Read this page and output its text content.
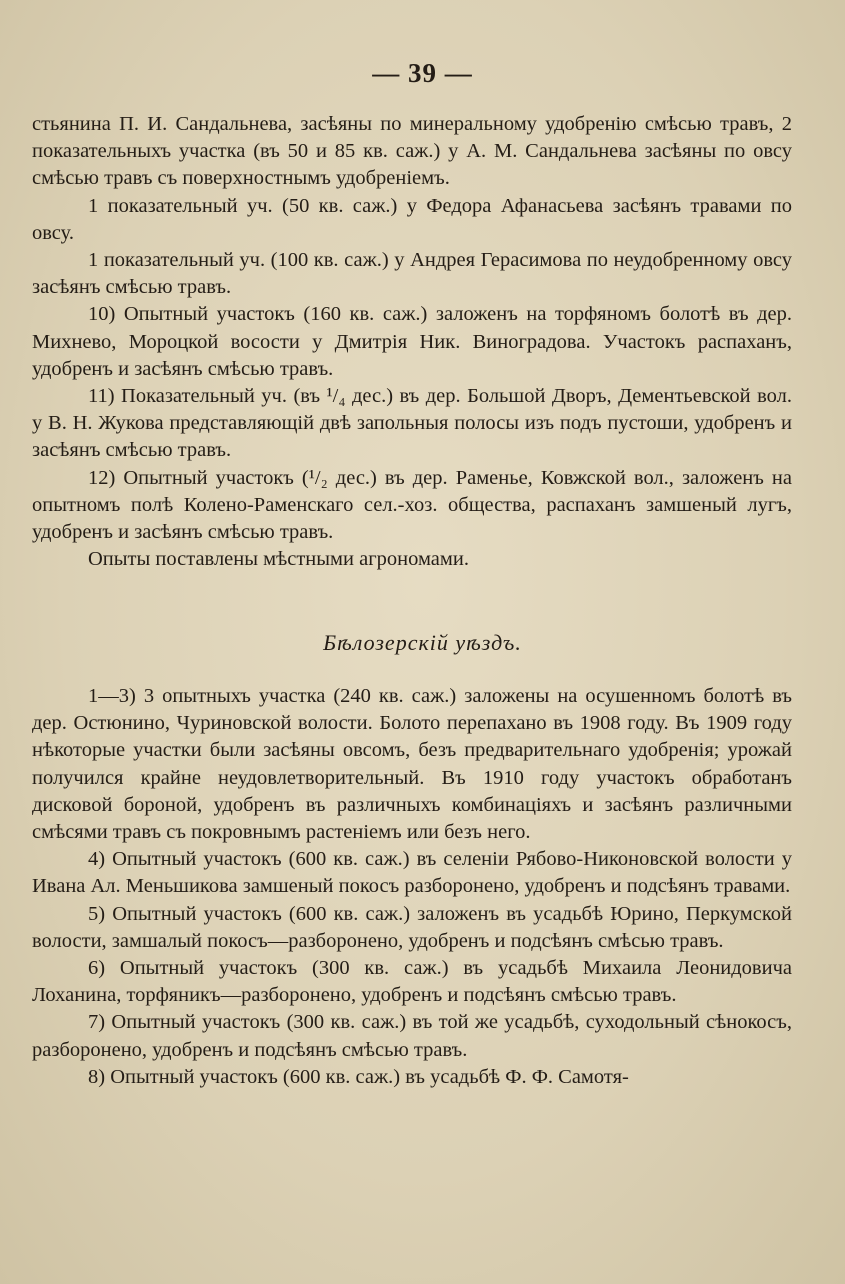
— 39 —

стьянина П. И. Сандальнева, засѣяны по минеральному удобренію смѣсью травъ, 2 показательныхъ участка (въ 50 и 85 кв. саж.) у А. М. Сандальнева засѣяны по овсу смѣсью травъ съ поверхностнымъ удобреніемъ.

1 показательный уч. (50 кв. саж.) у Федора Афанасьева засѣянъ травами по овсу.

1 показательный уч. (100 кв. саж.) у Андрея Герасимова по неудобренному овсу засѣянъ смѣсью травъ.

10) Опытный участокъ (160 кв. саж.) заложенъ на торфяномъ болотѣ въ дер. Михнево, Мороцкой восости у Дмитрія Ник. Виноградова. Участокъ распаханъ, удобренъ и засѣянъ смѣсью травъ.

11) Показательный уч. (въ ¹/₄ дес.) въ дер. Большой Дворъ, Дементьевской вол. у В. Н. Жукова представляющій двѣ запольныя полосы изъ подъ пустоши, удобренъ и засѣянъ смѣсью травъ.

12) Опытный участокъ (¹/₂ дес.) въ дер. Раменье, Ковжской вол., заложенъ на опытномъ полѣ Колено-Раменскаго сел.-хоз. общества, распаханъ замшеный лугъ, удобренъ и засѣянъ смѣсью травъ.

Опыты поставлены мѣстными агрономами.

Бѣлозерскій уѣздъ.

1—3) 3 опытныхъ участка (240 кв. саж.) заложены на осушенномъ болотѣ въ дер. Остюнино, Чуриновской волости. Болото перепахано въ 1908 году. Въ 1909 году нѣкоторые участки были засѣяны овсомъ, безъ предварительнаго удобренія; урожай получился крайне неудовлетворительный. Въ 1910 году участокъ обработанъ дисковой бороной, удобренъ въ различныхъ комбинаціяхъ и засѣянъ различными смѣсями травъ съ покровнымъ растеніемъ или безъ него.

4) Опытный участокъ (600 кв. саж.) въ селеніи Рябово-Никоновской волости у Ивана Ал. Меньшикова замшеный покосъ разборонено, удобренъ и подсѣянъ травами.

5) Опытный участокъ (600 кв. саж.) заложенъ въ усадьбѣ Юрино, Перкумской волости, замшалый покосъ—разборонено, удобренъ и подсѣянъ смѣсью травъ.

6) Опытный участокъ (300 кв. саж.) въ усадьбѣ Михаила Леонидовича Лоханина, торфяникъ—разборонено, удобренъ и подсѣянъ смѣсью травъ.

7) Опытный участокъ (300 кв. саж.) въ той же усадьбѣ, суходольный сѣнокосъ, разборонено, удобренъ и подсѣянъ смѣсью травъ.

8) Опытный участокъ (600 кв. саж.) въ усадьбѣ Ф. Ф. Самотя-
